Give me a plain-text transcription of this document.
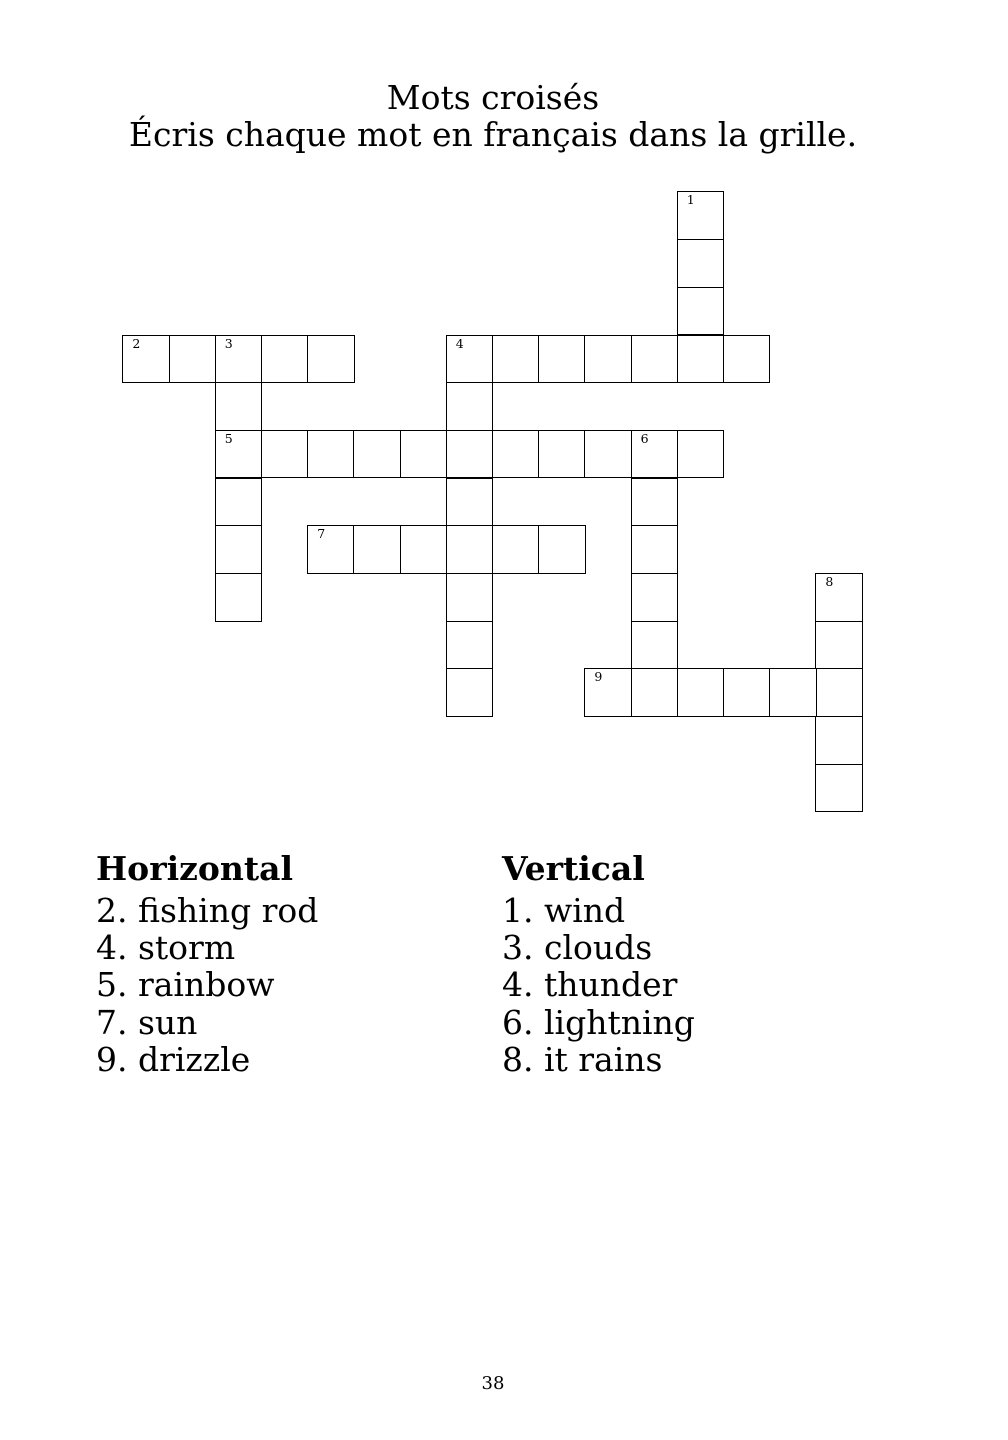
Mots croisés
Écris chaque mot en français dans la grille.
1
2	3
5
4
6
7
8
9
Horizontal
2. fishing rod
4. storm
5. rainbow
7. sun
9. drizzle
Vertical
1. wind
3. clouds
4. thunder
6. lightning
8. it rains
38
